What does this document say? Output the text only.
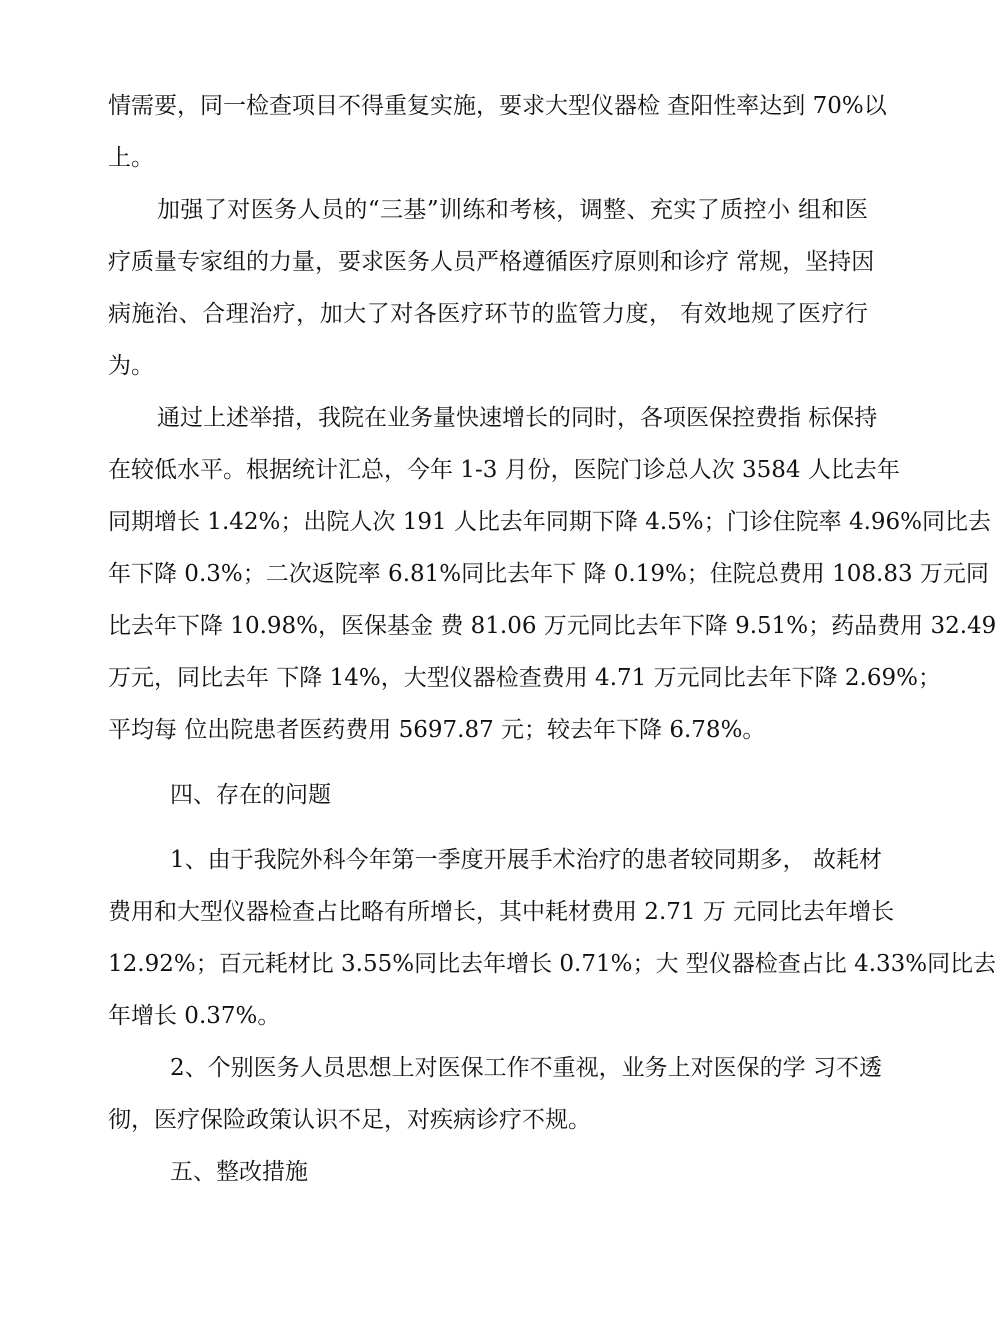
情需要，同一检查项目不得重复实施，要求大型仪器检 查阳性率达到 70%以
上。
加强了对医务人员的“三基”训练和考核，调整、充实了质控小 组和医
疗质量专家组的力量，要求医务人员严格遵循医疗原则和诊疗 常规，坚持因
病施治、合理治疗，加大了对各医疗环节的监管力度， 有效地规了医疗行
为。
通过上述举措，我院在业务量快速增长的同时，各项医保控费指 标保持
在较低水平。根据统计汇总，今年 1-3 月份，医院门诊总人次 3584 人比去年
同期增长 1.42%；出院人次 191 人比去年同期下降 4.5%；门诊住院率 4.96%同比去
年下降 0.3%；二次返院率 6.81%同比去年下 降 0.19%；住院总费用 108.83 万元同
比去年下降 10.98%，医保基金 费 81.06 万元同比去年下降 9.51%；药品费用 32.49
万元，同比去年 下降 14%，大型仪器检查费用 4.71 万元同比去年下降 2.69%；
平均每 位出院患者医药费用 5697.87 元；较去年下降 6.78%。
四、存在的问题
1、由于我院外科今年第一季度开展手术治疗的患者较同期多， 故耗材
费用和大型仪器检查占比略有所增长，其中耗材费用 2.71 万 元同比去年增长
12.92%；百元耗材比 3.55%同比去年增长 0.71%；大 型仪器检查占比 4.33%同比去
年增长 0.37%。
2、个别医务人员思想上对医保工作不重视，业务上对医保的学 习不透
彻，医疗保险政策认识不足，对疾病诊疗不规。
五、整改措施
